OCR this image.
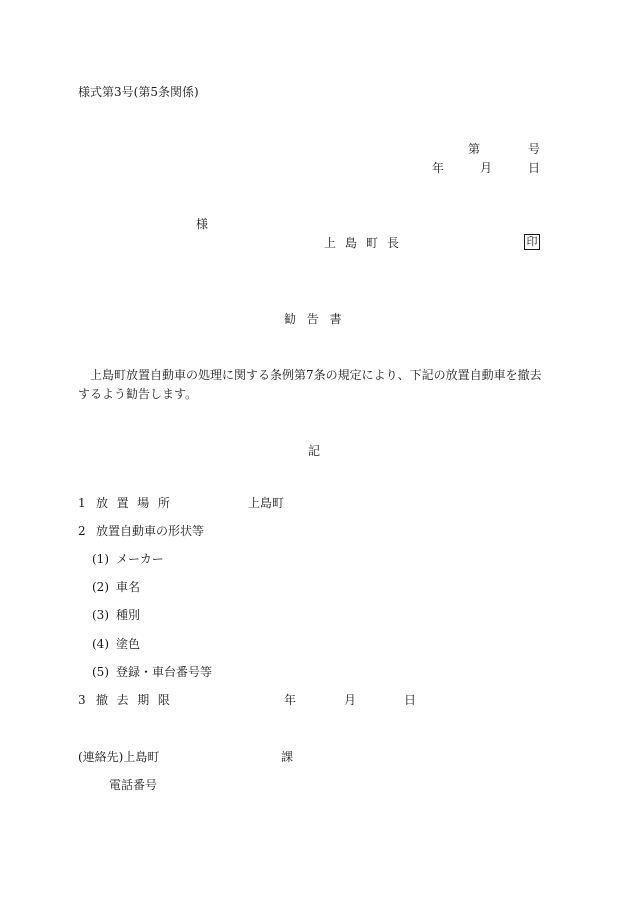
様式第3号(第5条関係)
第	号
年	月	日
様
上島町長	印
勧告書
上島町放置自動車の処理に関する条例第7条の規定により、下記の放置自動車を撤去するよう勧告します。
記
1 放置場所	上島町
2 放置自動車の形状等
(1) メーカー
(2) 車名
(3) 種別
(4) 塗色
(5) 登録・車台番号等
3 撤去期限	年	月	日
(連絡先)上島町	課
電話番号
